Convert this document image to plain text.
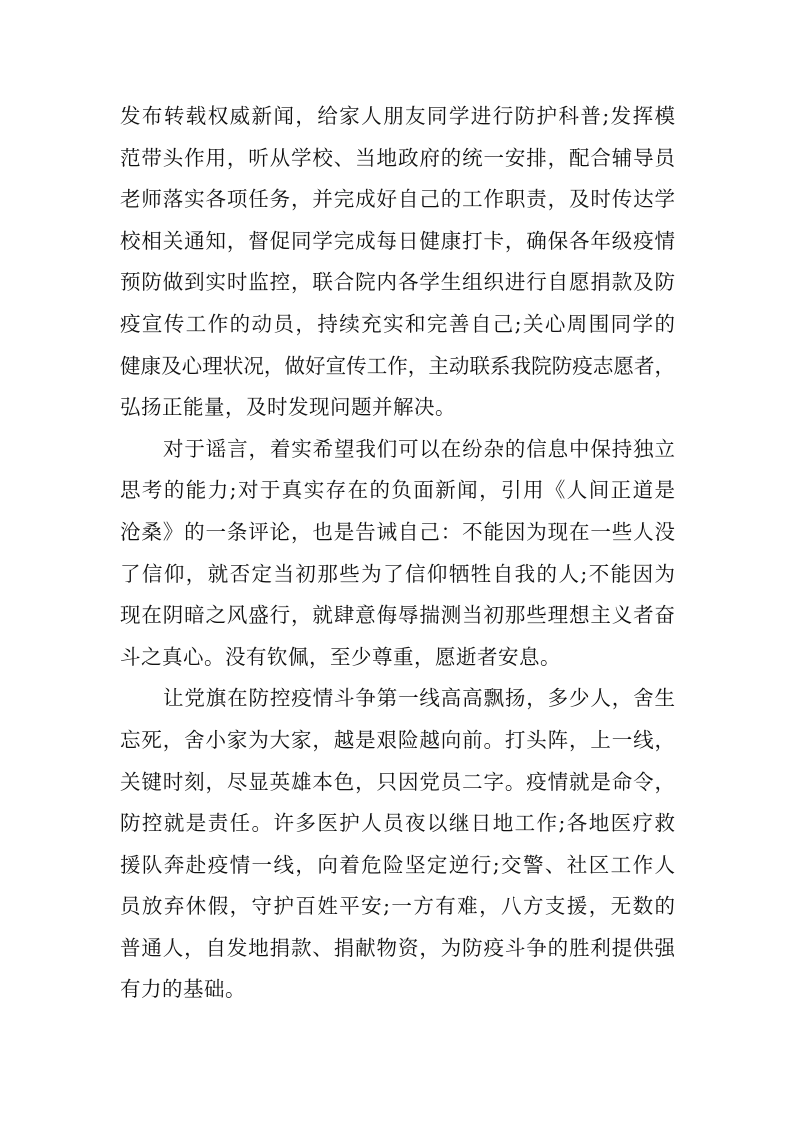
发布转载权威新闻，给家人朋友同学进行防护科普;发挥模
范带头作用，听从学校、当地政府的统一安排，配合辅导员
老师落实各项任务，并完成好自己的工作职责，及时传达学
校相关通知，督促同学完成每日健康打卡，确保各年级疫情
预防做到实时监控，联合院内各学生组织进行自愿捐款及防
疫宣传工作的动员，持续充实和完善自己;关心周围同学的
健康及心理状况，做好宣传工作，主动联系我院防疫志愿者，
弘扬正能量，及时发现问题并解决。
对于谣言，着实希望我们可以在纷杂的信息中保持独立
思考的能力;对于真实存在的负面新闻，引用《人间正道是
沧桑》的一条评论，也是告诫自己：不能因为现在一些人没
了信仰，就否定当初那些为了信仰牺牲自我的人;不能因为
现在阴暗之风盛行，就肆意侮辱揣测当初那些理想主义者奋
斗之真心。没有钦佩，至少尊重，愿逝者安息。
让党旗在防控疫情斗争第一线高高飘扬，多少人，舍生
忘死，舍小家为大家，越是艰险越向前。打头阵，上一线，
关键时刻，尽显英雄本色，只因党员二字。疫情就是命令，
防控就是责任。许多医护人员夜以继日地工作;各地医疗救
援队奔赴疫情一线，向着危险坚定逆行;交警、社区工作人
员放弃休假，守护百姓平安;一方有难，八方支援，无数的
普通人，自发地捐款、捐献物资，为防疫斗争的胜利提供强
有力的基础。
